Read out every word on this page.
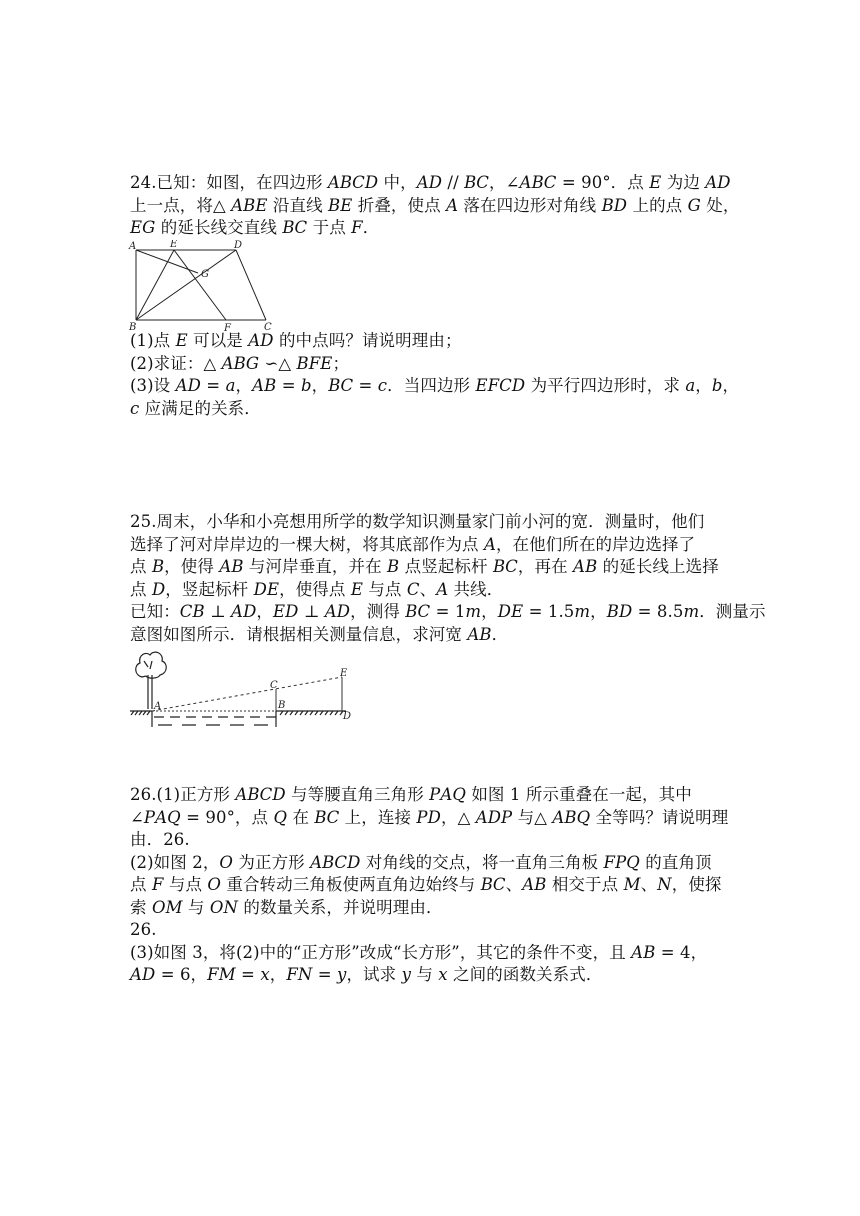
24.已知：如图，在四边形 𝐴𝐵𝐶𝐷 中，𝐴𝐷 // 𝐵𝐶，∠𝐴𝐵𝐶 = 90°．点 𝐸 为边 𝐴𝐷
上一点，将△ 𝐴𝐵𝐸 沿直线 𝐵𝐸 折叠，使点 𝐴 落在四边形对角线 𝐵𝐷 上的点 𝐺 处，
𝐸𝐺 的延长线交直线 𝐵𝐶 于点 𝐹．
A	E	D
G
B	F	C
(1)点 𝐸 可以是 𝐴𝐷 的中点吗？请说明理由；
(2)求证：△ 𝐴𝐵𝐺 ∽△ 𝐵𝐹𝐸；
(3)设 𝐴𝐷 = 𝑎，𝐴𝐵 = 𝑏，𝐵𝐶 = 𝑐．当四边形 𝐸𝐹𝐶𝐷 为平行四边形时，求 𝑎，𝑏，
𝑐 应满足的关系．
25.周末，小华和小亮想用所学的数学知识测量家门前小河的宽．测量时，他们
选择了河对岸岸边的一棵大树，将其底部作为点 𝐴，在他们所在的岸边选择了
点 𝐵，使得 𝐴𝐵 与河岸垂直，并在 𝐵 点竖起标杆 𝐵𝐶，再在 𝐴𝐵 的延长线上选择
点 𝐷，竖起标杆 𝐷𝐸，使得点 𝐸 与点 𝐶、𝐴 共线．
已知：𝐶𝐵 ⊥ 𝐴𝐷，𝐸𝐷 ⊥ 𝐴𝐷，测得 𝐵𝐶 = 1𝑚，𝐷𝐸 = 1.5𝑚，𝐵𝐷 = 8.5𝑚．测量示
意图如图所示．请根据相关测量信息，求河宽 𝐴𝐵．
A	B
C
D
E
26.(1)正方形 𝐴𝐵𝐶𝐷 与等腰直角三角形 𝑃𝐴𝑄 如图 1 所示重叠在一起，其中
∠𝑃𝐴𝑄 = 90°，点 𝑄 在 𝐵𝐶 上，连接 𝑃𝐷，△ 𝐴𝐷𝑃 与△ 𝐴𝐵𝑄 全等吗？请说明理
由．26.
(2)如图 2，𝑂 为正方形 𝐴𝐵𝐶𝐷 对角线的交点，将一直角三角板 𝐹𝑃𝑄 的直角顶
点 𝐹 与点 𝑂 重合转动三角板使两直角边始终与 𝐵𝐶、𝐴𝐵 相交于点 𝑀、𝑁，使探
索 𝑂𝑀 与 𝑂𝑁 的数量关系，并说明理由．
26.
(3)如图 3，将(2)中的“正方形”改成“长方形”，其它的条件不变，且 𝐴𝐵 = 4，
𝐴𝐷 = 6，𝐹𝑀 = 𝑥，𝐹𝑁 = 𝑦，试求 𝑦 与 𝑥 之间的函数关系式．
